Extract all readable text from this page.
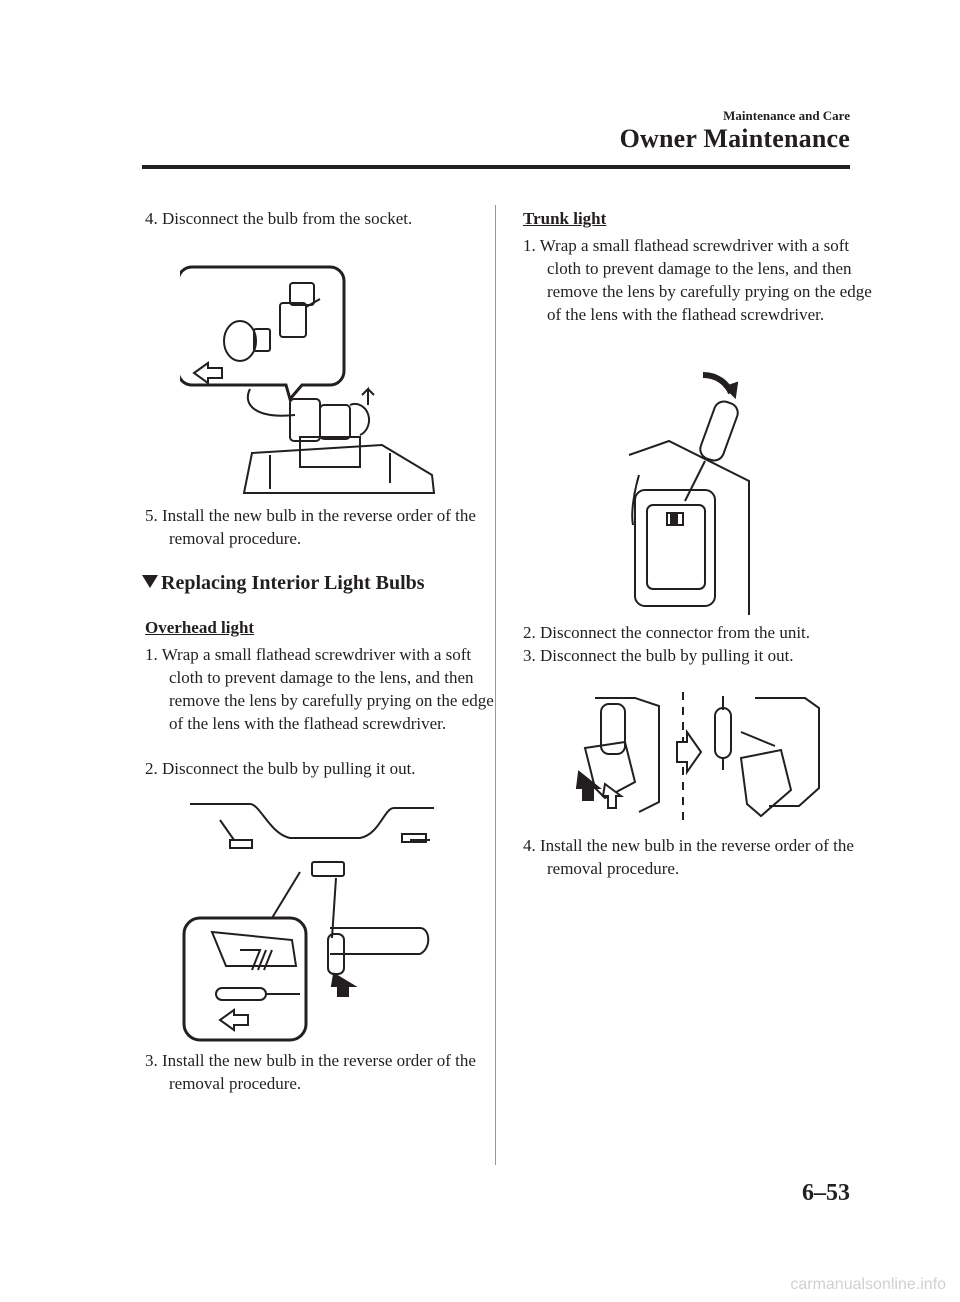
Maintenance and Care
Owner Maintenance
4. Disconnect the bulb from the socket.
5. Install the new bulb in the reverse order of the removal procedure.
Replacing Interior Light Bulbs
Overhead light
1. Wrap a small flathead screwdriver with a soft cloth to prevent damage to the lens, and then remove the lens by carefully prying on the edge of the lens with the flathead screwdriver.
2. Disconnect the bulb by pulling it out.
3. Install the new bulb in the reverse order of the removal procedure.
Trunk light
1. Wrap a small flathead screwdriver with a soft cloth to prevent damage to the lens, and then remove the lens by carefully prying on the edge of the lens with the flathead screwdriver.
2. Disconnect the connector from the unit.
3. Disconnect the bulb by pulling it out.
4. Install the new bulb in the reverse order of the removal procedure.
6–53
carmanualsonline.info
